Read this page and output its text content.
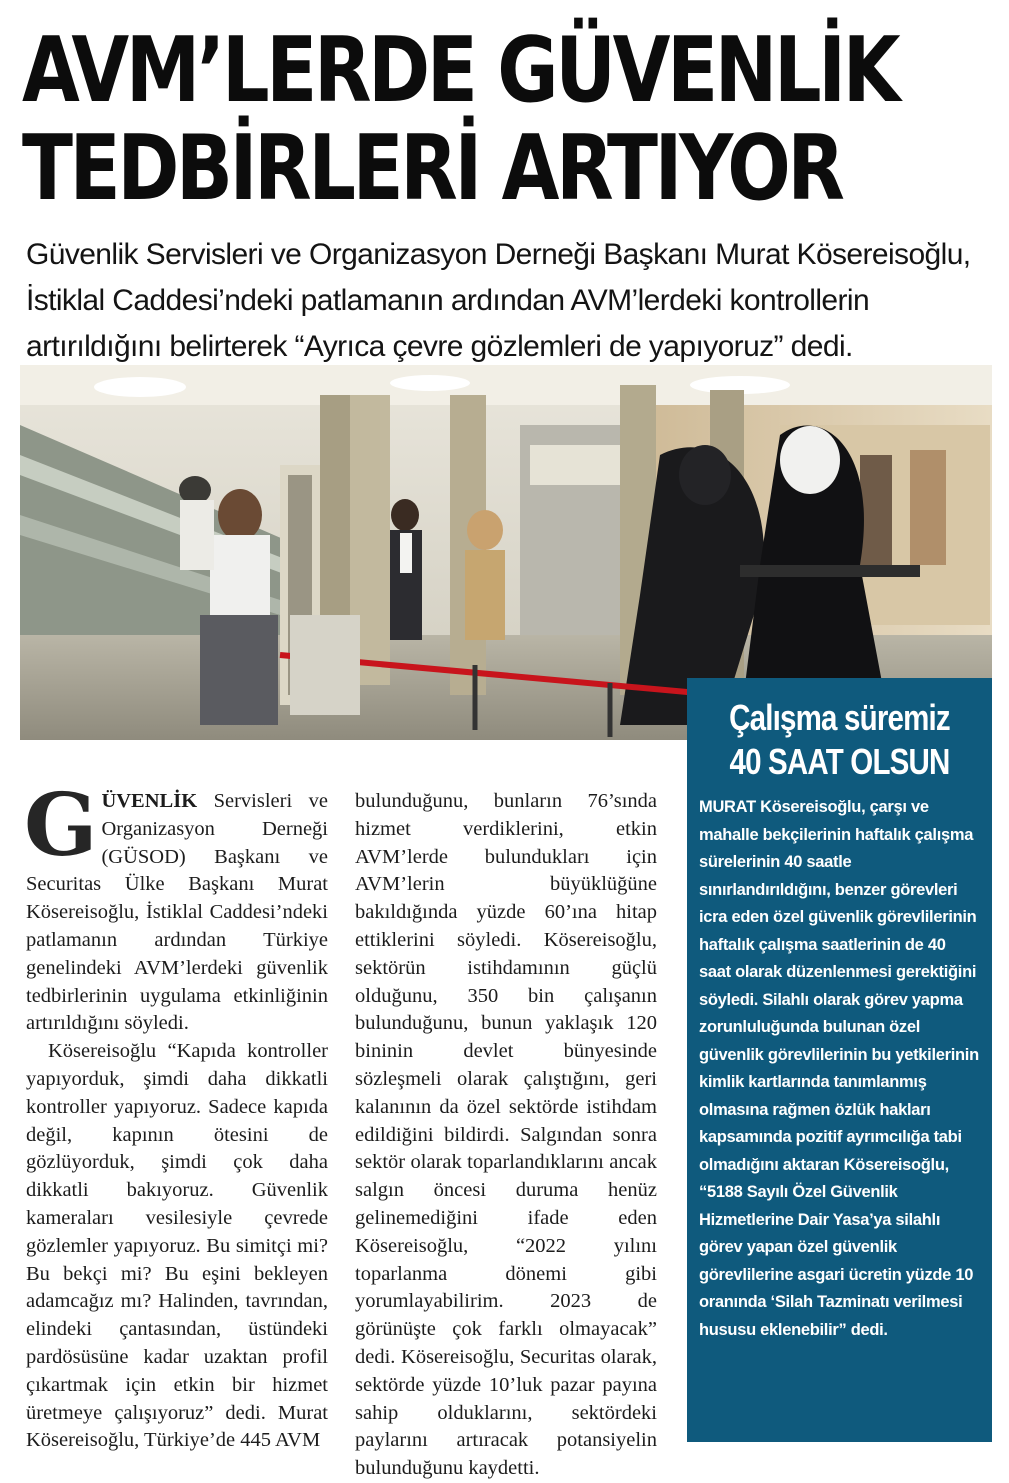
AVM’LERDE GÜVENLİK
TEDBİRLERİ ARTIYOR

Güvenlik Servisleri ve Organizasyon Derneği Başkanı Murat Kösereisoğlu, İstiklal Caddesi’ndeki patlamanın ardından AVM’lerdeki kontrollerin artırıldığını belirterek “Ayrıca çevre gözlemleri de yapıyoruz” dedi.

GÜVENLİK Servisleri ve Organizasyon Derneği (GÜSOD) Başkanı ve Securitas Ülke Başkanı Murat Kösereisoğlu, İstiklal Caddesi’ndeki patlamanın ardından Türkiye genelindeki AVM’lerdeki güvenlik tedbirlerinin uygulama etkinliğinin artırıldığını söyledi.

Kösereisoğlu “Kapıda kontroller yapıyorduk, şimdi daha dikkatli kontroller yapıyoruz. Sadece kapıda değil, kapının ötesini de gözlüyorduk, şimdi çok daha dikkatli bakıyoruz. Güvenlik kameraları vesilesiyle çevrede gözlemler yapıyoruz. Bu simitçi mi? Bu bekçi mi? Bu eşini bekleyen adamcağız mı? Halinden, tavrından, elindeki çantasından, üstündeki pardösüsüne kadar uzaktan profil çıkartmak için etkin bir hizmet üretmeye çalışıyoruz” dedi. Murat Kösereisoğlu, Türkiye’de 445 AVM

bulunduğunu, bunların 76’sında hizmet verdiklerini, etkin AVM’lerde bulundukları için AVM’lerin büyüklüğüne bakıldığında yüzde 60’ına hitap ettiklerini söyledi. Kösereisoğlu, sektörün istihdamının güçlü olduğunu, 350 bin çalışanın bulunduğunu, bunun yaklaşık 120 bininin devlet bünyesinde sözleşmeli olarak çalıştığını, geri kalanının da özel sektörde istihdam edildiğini bildirdi. Salgından sonra sektör olarak toparlandıklarını ancak salgın öncesi duruma henüz gelinemediğini ifade eden Kösereisoğlu, “2022 yılını toparlanma dönemi gibi yorumlayabilirim. 2023 de görünüşte çok farklı olmayacak” dedi. Kösereisoğlu, Securitas olarak, sektörde yüzde 10’luk pazar payına sahip olduklarını, sektördeki paylarını artıracak potansiyelin bulunduğunu kaydetti.

Çalışma süremiz
40 SAAT OLSUN

MURAT Kösereisoğlu, çarşı ve mahalle bekçilerinin haftalık çalışma sürelerinin 40 saatle sınırlandırıldığını, benzer görevleri icra eden özel güvenlik görevlilerinin haftalık çalışma saatlerinin de 40 saat olarak düzenlenmesi gerektiğini söyledi. Silahlı olarak görev yapma zorunluluğunda bulunan özel güvenlik görevlilerinin bu yetkilerinin kimlik kartlarında tanımlanmış olmasına rağmen özlük hakları kapsamında pozitif ayrımcılığa tabi olmadığını aktaran Kösereisoğlu, “5188 Sayılı Özel Güvenlik Hizmetlerine Dair Yasa’ya silahlı görev yapan özel güvenlik görevlilerine asgari ücretin yüzde 10 oranında ‘Silah Tazminatı verilmesi hususu eklenebilir” dedi.
